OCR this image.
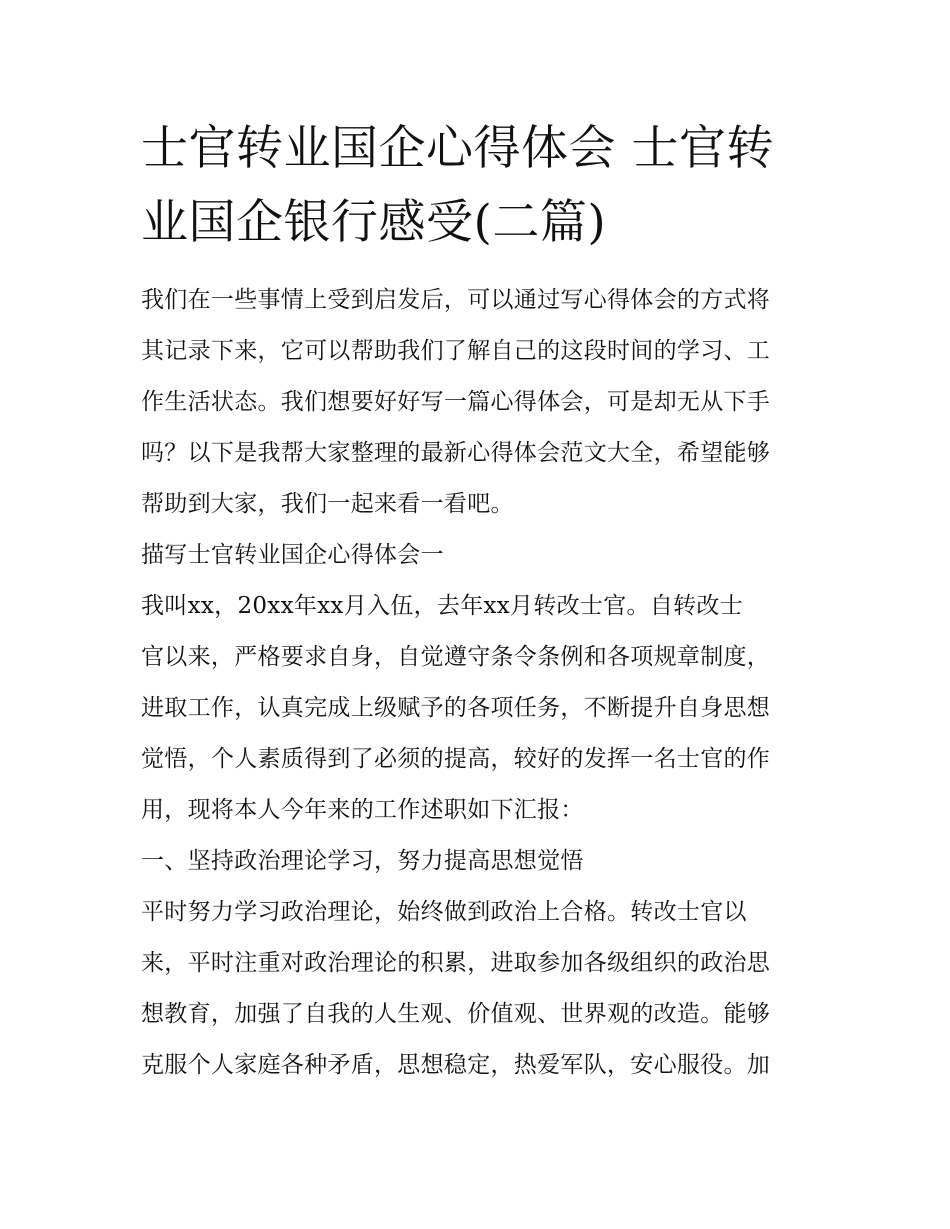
士官转业国企心得体会 士官转
业国企银行感受(二篇)
我们在一些事情上受到启发后，可以通过写心得体会的方式将
其记录下来，它可以帮助我们了解自己的这段时间的学习、工
作生活状态。我们想要好好写一篇心得体会，可是却无从下手
吗？以下是我帮大家整理的最新心得体会范文大全，希望能够
帮助到大家，我们一起来看一看吧。
描写士官转业国企心得体会一
我叫xx，20xx年xx月入伍，去年xx月转改士官。自转改士
官以来，严格要求自身，自觉遵守条令条例和各项规章制度，
进取工作，认真完成上级赋予的各项任务，不断提升自身思想
觉悟，个人素质得到了必须的提高，较好的发挥一名士官的作
用，现将本人今年来的工作述职如下汇报：
一、坚持政治理论学习，努力提高思想觉悟
平时努力学习政治理论，始终做到政治上合格。转改士官以
来，平时注重对政治理论的积累，进取参加各级组织的政治思
想教育，加强了自我的人生观、价值观、世界观的改造。能够
克服个人家庭各种矛盾，思想稳定，热爱军队，安心服役。加
